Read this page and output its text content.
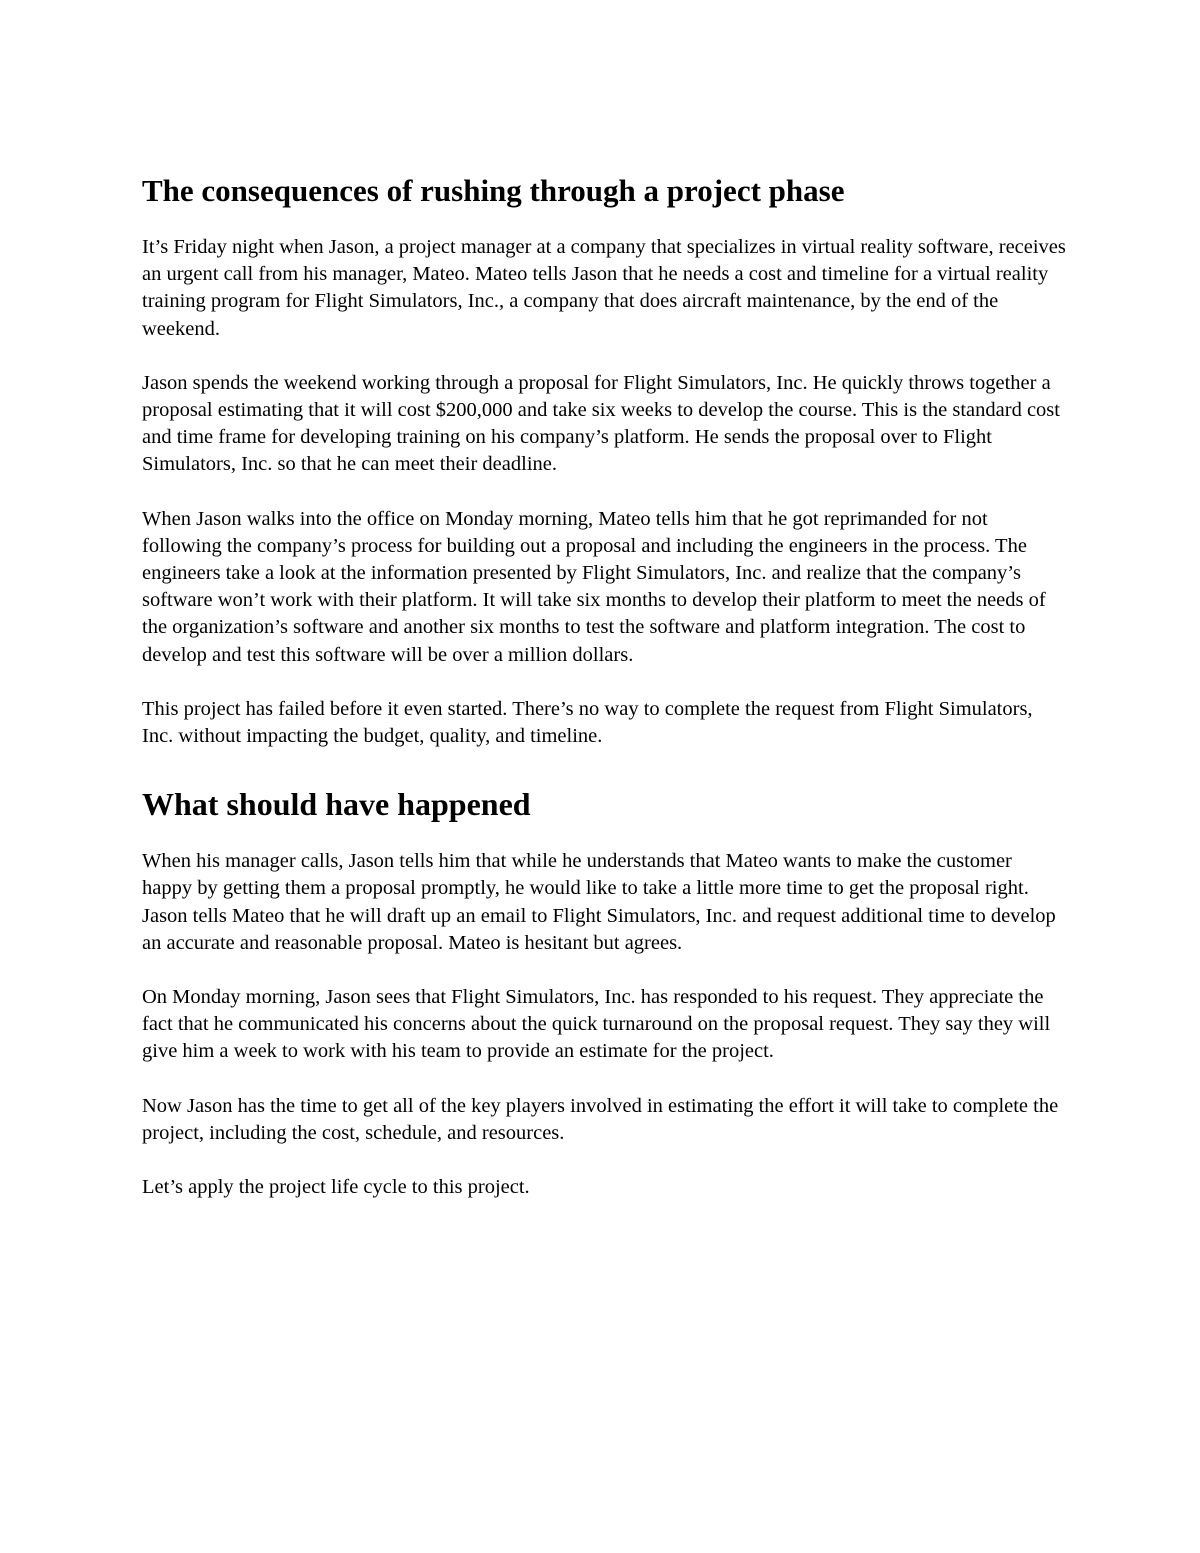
The consequences of rushing through a project phase

It’s Friday night when Jason, a project manager at a company that specializes in virtual reality software, receives an urgent call from his manager, Mateo. Mateo tells Jason that he needs a cost and timeline for a virtual reality training program for Flight Simulators, Inc., a company that does aircraft maintenance, by the end of the weekend.

Jason spends the weekend working through a proposal for Flight Simulators, Inc. He quickly throws together a proposal estimating that it will cost $200,000 and take six weeks to develop the course. This is the standard cost and time frame for developing training on his company’s platform. He sends the proposal over to Flight Simulators, Inc. so that he can meet their deadline.

When Jason walks into the office on Monday morning, Mateo tells him that he got reprimanded for not following the company’s process for building out a proposal and including the engineers in the process. The engineers take a look at the information presented by Flight Simulators, Inc. and realize that the company’s software won’t work with their platform. It will take six months to develop their platform to meet the needs of the organization’s software and another six months to test the software and platform integration. The cost to develop and test this software will be over a million dollars.

This project has failed before it even started. There’s no way to complete the request from Flight Simulators, Inc. without impacting the budget, quality, and timeline.

What should have happened

When his manager calls, Jason tells him that while he understands that Mateo wants to make the customer happy by getting them a proposal promptly, he would like to take a little more time to get the proposal right. Jason tells Mateo that he will draft up an email to Flight Simulators, Inc. and request additional time to develop an accurate and reasonable proposal. Mateo is hesitant but agrees.

On Monday morning, Jason sees that Flight Simulators, Inc. has responded to his request. They appreciate the fact that he communicated his concerns about the quick turnaround on the proposal request. They say they will give him a week to work with his team to provide an estimate for the project.

Now Jason has the time to get all of the key players involved in estimating the effort it will take to complete the project, including the cost, schedule, and resources.

Let’s apply the project life cycle to this project.
